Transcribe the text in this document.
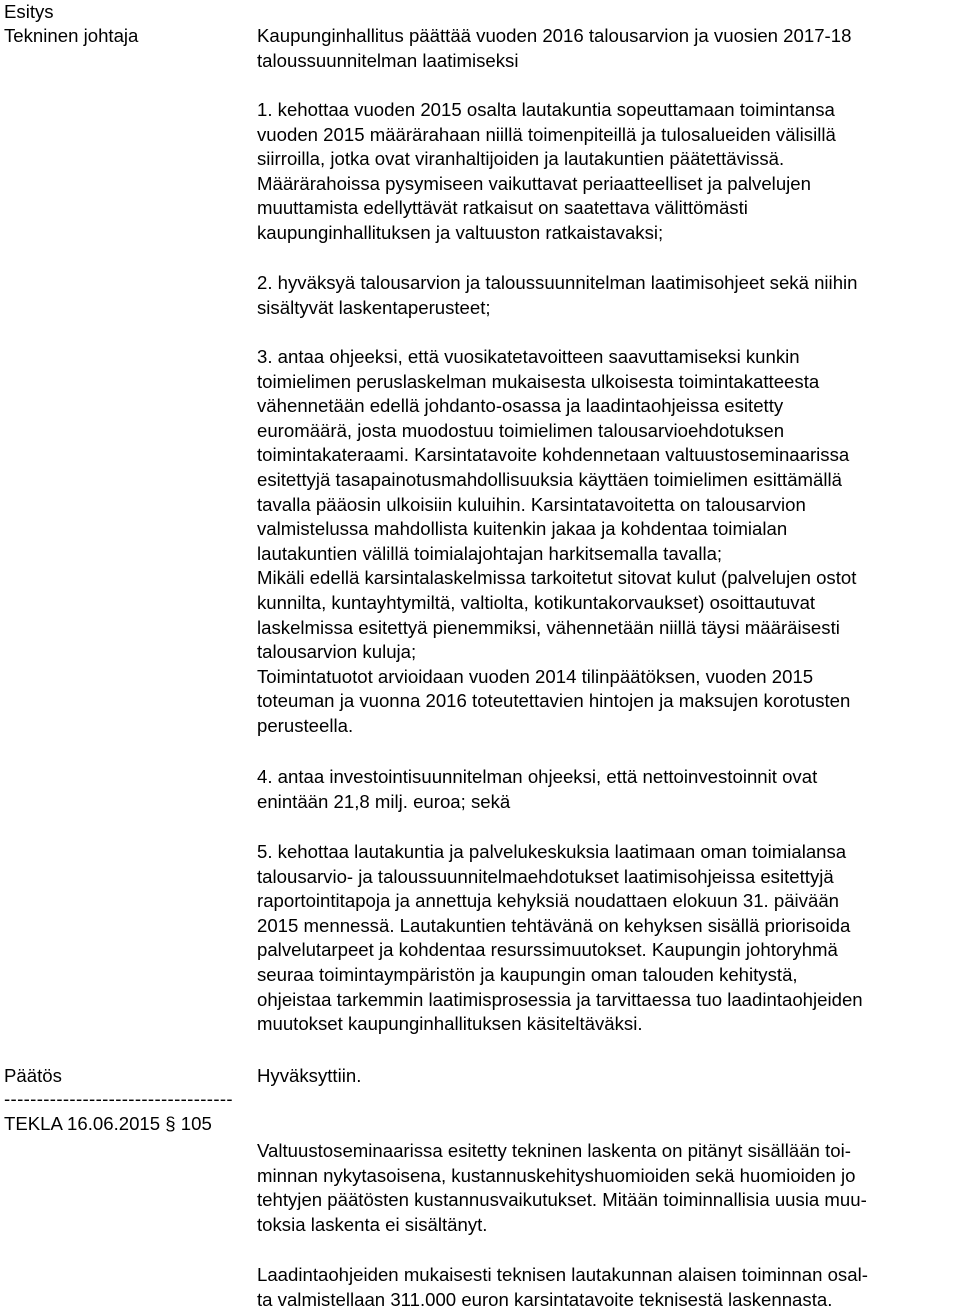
Esitys
Tekninen johtaja	Kaupunginhallitus päättää vuoden 2016 talousarvion ja vuosien 2017-18
taloussuunnitelman laatimiseksi
1. kehottaa vuoden 2015 osalta lautakuntia sopeuttamaan toimintansa
vuoden 2015 määrärahaan niillä toimenpiteillä ja tulosalueiden välisillä
siirroilla, jotka ovat viranhaltijoiden ja lautakuntien päätettävissä.
Määrärahoissa pysymiseen vaikuttavat periaatteelliset ja palvelujen
muuttamista edellyttävät ratkaisut on saatettava välittömästi
kaupunginhallituksen ja valtuuston ratkaistavaksi;
2. hyväksyä talousarvion ja taloussuunnitelman laatimisohjeet sekä niihin
sisältyvät laskentaperusteet;
3. antaa ohjeeksi, että vuosikatetavoitteen saavuttamiseksi kunkin
toimielimen peruslaskelman mukaisesta ulkoisesta toimintakatteesta
vähennetään edellä johdanto-osassa ja laadintaohjeissa esitetty
euromäärä, josta muodostuu toimielimen talousarvioehdotuksen
toimintakateraami. Karsintatavoite kohdennetaan valtuustoseminaarissa
esitettyjä tasapainotusmahdollisuuksia käyttäen toimielimen esittämällä
tavalla pääosin ulkoisiin kuluihin. Karsintatavoitetta on talousarvion
valmistelussa mahdollista kuitenkin jakaa ja kohdentaa toimialan
lautakuntien välillä toimialajohtajan harkitsemalla tavalla;
Mikäli edellä karsintalaskelmissa tarkoitetut sitovat kulut (palvelujen ostot
kunnilta, kuntayhtymiltä, valtiolta, kotikuntakorvaukset) osoittautuvat
laskelmissa esitettyä pienemmiksi, vähennetään niillä täysi määräisesti
talousarvion kuluja;
Toimintatuotot arvioidaan vuoden 2014 tilinpäätöksen, vuoden 2015
toteuman ja vuonna 2016 toteutettavien hintojen ja maksujen korotusten
perusteella.
4. antaa investointisuunnitelman ohjeeksi, että nettoinvestoinnit ovat
enintään 21,8 milj. euroa; sekä
5. kehottaa lautakuntia ja palvelukeskuksia laatimaan oman toimialansa
talousarvio- ja taloussuunnitelmaehdotukset laatimisohjeissa esitettyjä
raportointitapoja ja annettuja kehyksiä noudattaen elokuun 31. päivään
2015 mennessä. Lautakuntien tehtävänä on kehyksen sisällä priorisoida
palvelutarpeet ja kohdentaa resurssimuutokset. Kaupungin johtoryhmä
seuraa toimintaympäristön ja kaupungin oman talouden kehitystä,
ohjeistaa tarkemmin laatimisprosessia ja tarvittaessa tuo laadintaohjeiden
muutokset kaupunginhallituksen käsiteltäväksi.
Päätös	Hyväksyttiin.
-----------------------------------
TEKLA 16.06.2015 § 105
Valtuustoseminaarissa esitetty tekninen laskenta on pitänyt sisällään toi-
minnan nykytasoisena, kustannuskehityshuomioiden sekä huomioiden jo
tehtyjen päätösten kustannusvaikutukset. Mitään toiminnallisia uusia muu-
toksia laskenta ei sisältänyt.
Laadintaohjeiden mukaisesti teknisen lautakunnan alaisen toiminnan osal-
ta valmistellaan 311.000 euron karsintatavoite teknisestä laskennasta.
